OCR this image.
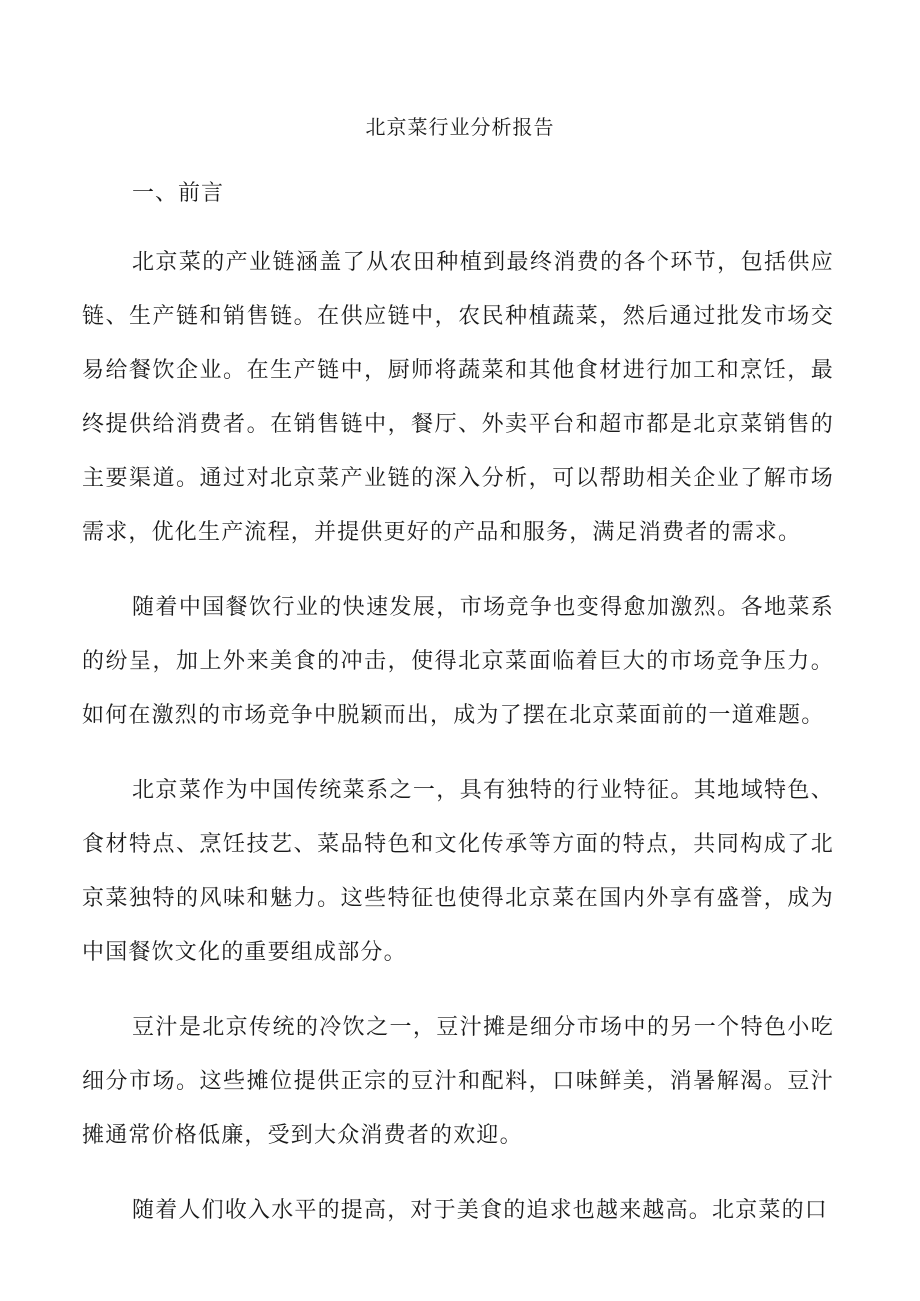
北京菜行业分析报告
一、前言

北京菜的产业链涵盖了从农田种植到最终消费的各个环节，包括供应链、生产链和销售链。在供应链中，农民种植蔬菜，然后通过批发市场交易给餐饮企业。在生产链中，厨师将蔬菜和其他食材进行加工和烹饪，最终提供给消费者。在销售链中，餐厅、外卖平台和超市都是北京菜销售的主要渠道。通过对北京菜产业链的深入分析，可以帮助相关企业了解市场需求，优化生产流程，并提供更好的产品和服务，满足消费者的需求。

随着中国餐饮行业的快速发展，市场竞争也变得愈加激烈。各地菜系的纷呈，加上外来美食的冲击，使得北京菜面临着巨大的市场竞争压力。如何在激烈的市场竞争中脱颖而出，成为了摆在北京菜面前的一道难题。

北京菜作为中国传统菜系之一，具有独特的行业特征。其地域特色、食材特点、烹饪技艺、菜品特色和文化传承等方面的特点，共同构成了北京菜独特的风味和魅力。这些特征也使得北京菜在国内外享有盛誉，成为中国餐饮文化的重要组成部分。

豆汁是北京传统的冷饮之一，豆汁摊是细分市场中的另一个特色小吃细分市场。这些摊位提供正宗的豆汁和配料，口味鲜美，消暑解渴。豆汁摊通常价格低廉，受到大众消费者的欢迎。

随着人们收入水平的提高，对于美食的追求也越来越高。北京菜的口
